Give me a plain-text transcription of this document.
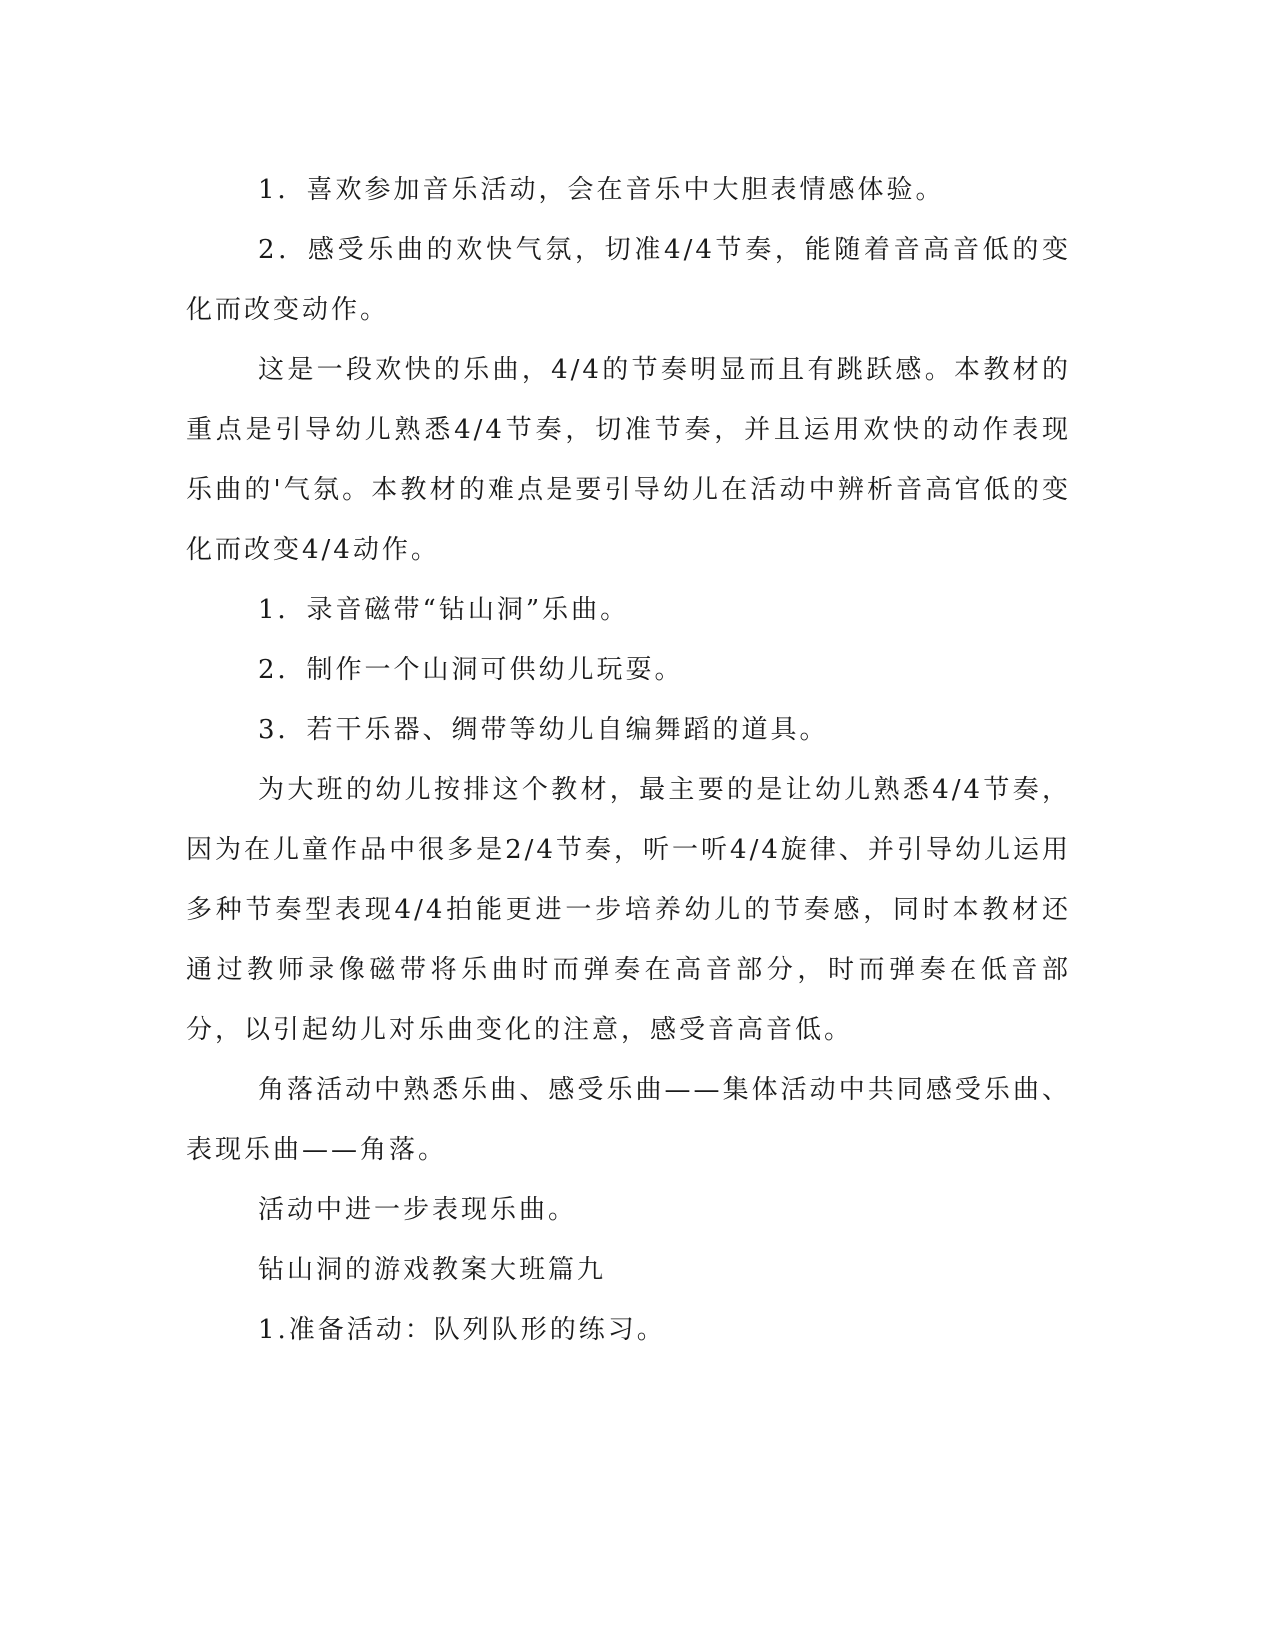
1．喜欢参加音乐活动，会在音乐中大胆表情感体验。

2．感受乐曲的欢快气氛，切准4/4节奏，能随着音高音低的变化而改变动作。

这是一段欢快的乐曲，4/4的节奏明显而且有跳跃感。本教材的重点是引导幼儿熟悉4/4节奏，切准节奏，并且运用欢快的动作表现乐曲的'气氛。本教材的难点是要引导幼儿在活动中辨析音高官低的变化而改变4/4动作。

1．录音磁带“钻山洞”乐曲。

2．制作一个山洞可供幼儿玩耍。

3．若干乐器、绸带等幼儿自编舞蹈的道具。

为大班的幼儿按排这个教材，最主要的是让幼儿熟悉4/4节奏，因为在儿童作品中很多是2/4节奏，听一听4/4旋律、并引导幼儿运用多种节奏型表现4/4拍能更进一步培养幼儿的节奏感，同时本教材还通过教师录像磁带将乐曲时而弹奏在高音部分，时而弹奏在低音部分，以引起幼儿对乐曲变化的注意，感受音高音低。

角落活动中熟悉乐曲、感受乐曲——集体活动中共同感受乐曲、表现乐曲——角落。

活动中进一步表现乐曲。

钻山洞的游戏教案大班篇九

1.准备活动：队列队形的练习。
